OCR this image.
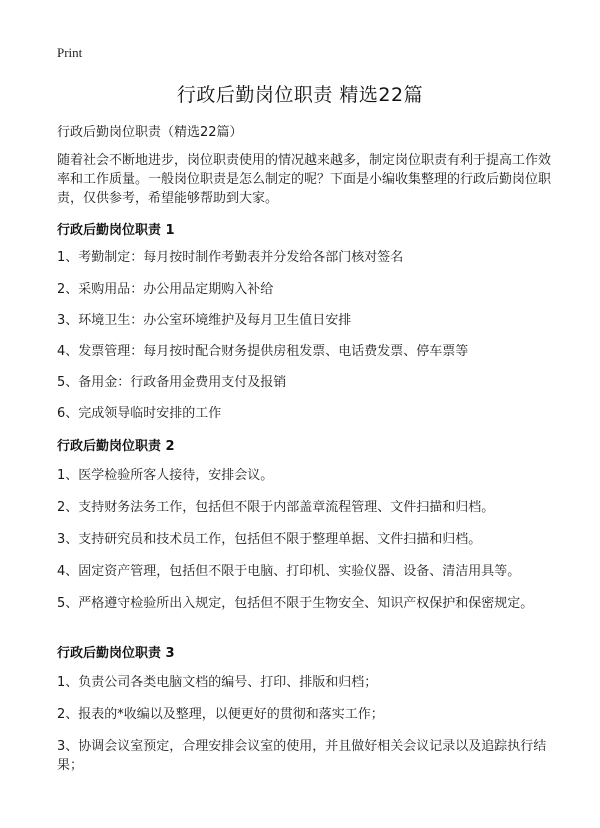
Print
行政后勤岗位职责 精选22篇
行政后勤岗位职责（精选22篇）
随着社会不断地进步，岗位职责使用的情况越来越多，制定岗位职责有利于提高工作效率和工作质量。一般岗位职责是怎么制定的呢？下面是小编收集整理的行政后勤岗位职责，仅供参考，希望能够帮助到大家。
行政后勤岗位职责 1
1、考勤制定：每月按时制作考勤表并分发给各部门核对签名
2、采购用品：办公用品定期购入补给
3、环境卫生：办公室环境维护及每月卫生值日安排
4、发票管理：每月按时配合财务提供房租发票、电话费发票、停车票等
5、备用金：行政备用金费用支付及报销
6、完成领导临时安排的工作
行政后勤岗位职责 2
1、医学检验所客人接待，安排会议。
2、支持财务法务工作，包括但不限于内部盖章流程管理、文件扫描和归档。
3、支持研究员和技术员工作，包括但不限于整理单据、文件扫描和归档。
4、固定资产管理，包括但不限于电脑、打印机、实验仪器、设备、清洁用具等。
5、严格遵守检验所出入规定，包括但不限于生物安全、知识产权保护和保密规定。
行政后勤岗位职责 3
1、负责公司各类电脑文档的编号、打印、排版和归档；
2、报表的*收编以及整理，以便更好的贯彻和落实工作；
3、协调会议室预定，合理安排会议室的使用，并且做好相关会议记录以及追踪执行结果；
